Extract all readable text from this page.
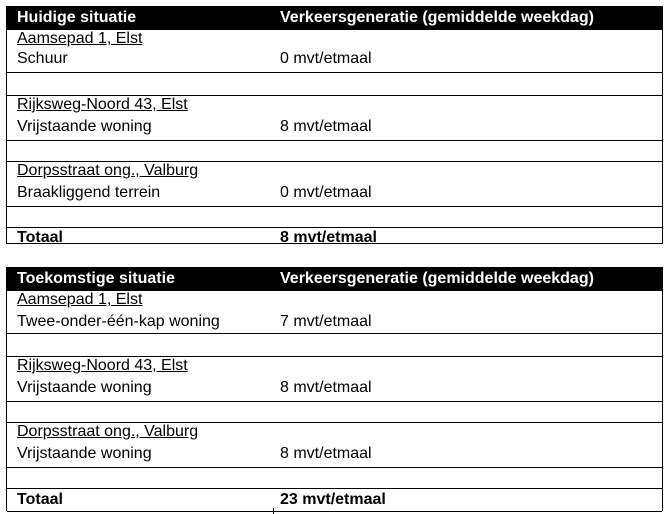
Huidige situatie	Verkeersgeneratie (gemiddelde weekdag)
Aamsepad 1, Elst
Schuur	0 mvt/etmaal
Rijksweg-Noord 43, Elst
Vrijstaande woning	8 mvt/etmaal
Dorpsstraat ong., Valburg
Braakliggend terrein	0 mvt/etmaal
Totaal	8 mvt/etmaal
Toekomstige situatie	Verkeersgeneratie (gemiddelde weekdag)
Aamsepad 1, Elst
Twee-onder-één-kap woning	7 mvt/etmaal
Rijksweg-Noord 43, Elst
Vrijstaande woning	8 mvt/etmaal
Dorpsstraat ong., Valburg
Vrijstaande woning	8 mvt/etmaal
Totaal	23 mvt/etmaal
